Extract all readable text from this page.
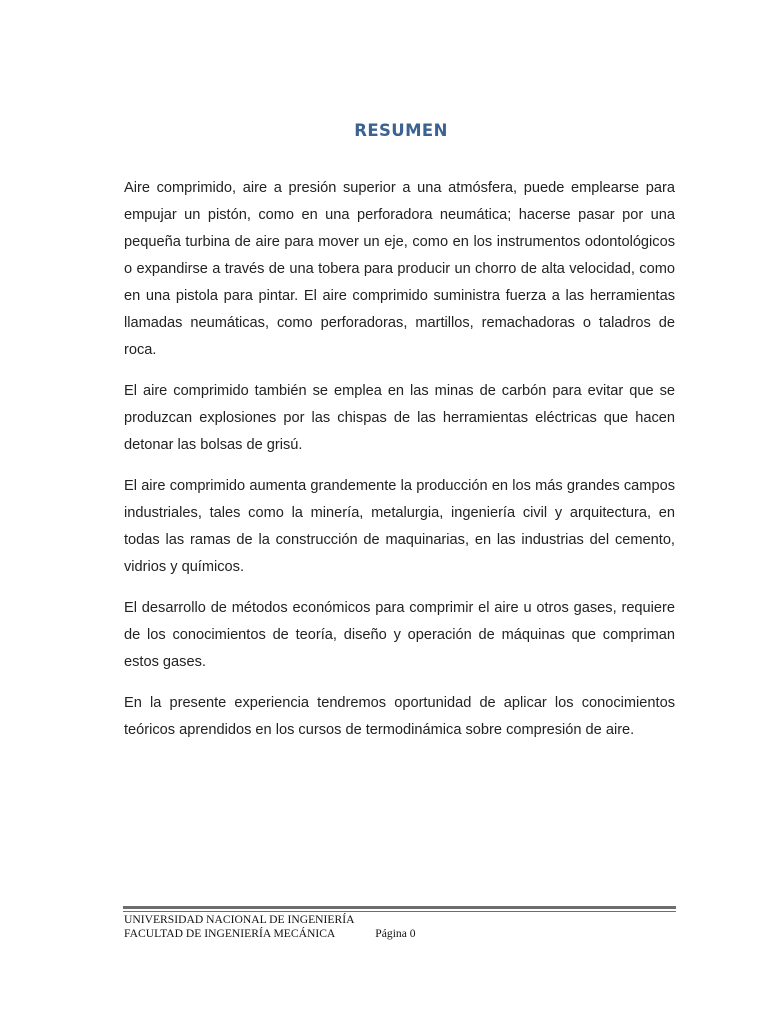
RESUMEN

Aire comprimido, aire a presión superior a una atmósfera, puede emplearse para empujar un pistón, como en una perforadora neumática; hacerse pasar por una pequeña turbina de aire para mover un eje, como en los instrumentos odontológicos o expandirse a través de una tobera para producir un chorro de alta velocidad, como en una pistola para pintar. El aire comprimido suministra fuerza a las herramientas llamadas neumáticas, como perforadoras, martillos, remachadoras o taladros de roca.

El aire comprimido también se emplea en las minas de carbón para evitar que se produzcan explosiones por las chispas de las herramientas eléctricas que hacen detonar las bolsas de grisú.

El aire comprimido aumenta grandemente la producción en los más grandes campos industriales, tales como la minería, metalurgia, ingeniería civil y arquitectura, en todas las ramas de la construcción de maquinarias, en las industrias del cemento, vidrios y químicos.

El desarrollo de métodos económicos para comprimir el aire u otros gases, requiere de los conocimientos de teoría, diseño y operación de máquinas que compriman estos gases.

En la presente experiencia tendremos oportunidad de aplicar los conocimientos teóricos aprendidos en los cursos de termodinámica sobre compresión de aire.

UNIVERSIDAD NACIONAL DE INGENIERÍA
FACULTAD DE INGENIERÍA MECÁNICA	Página 0
